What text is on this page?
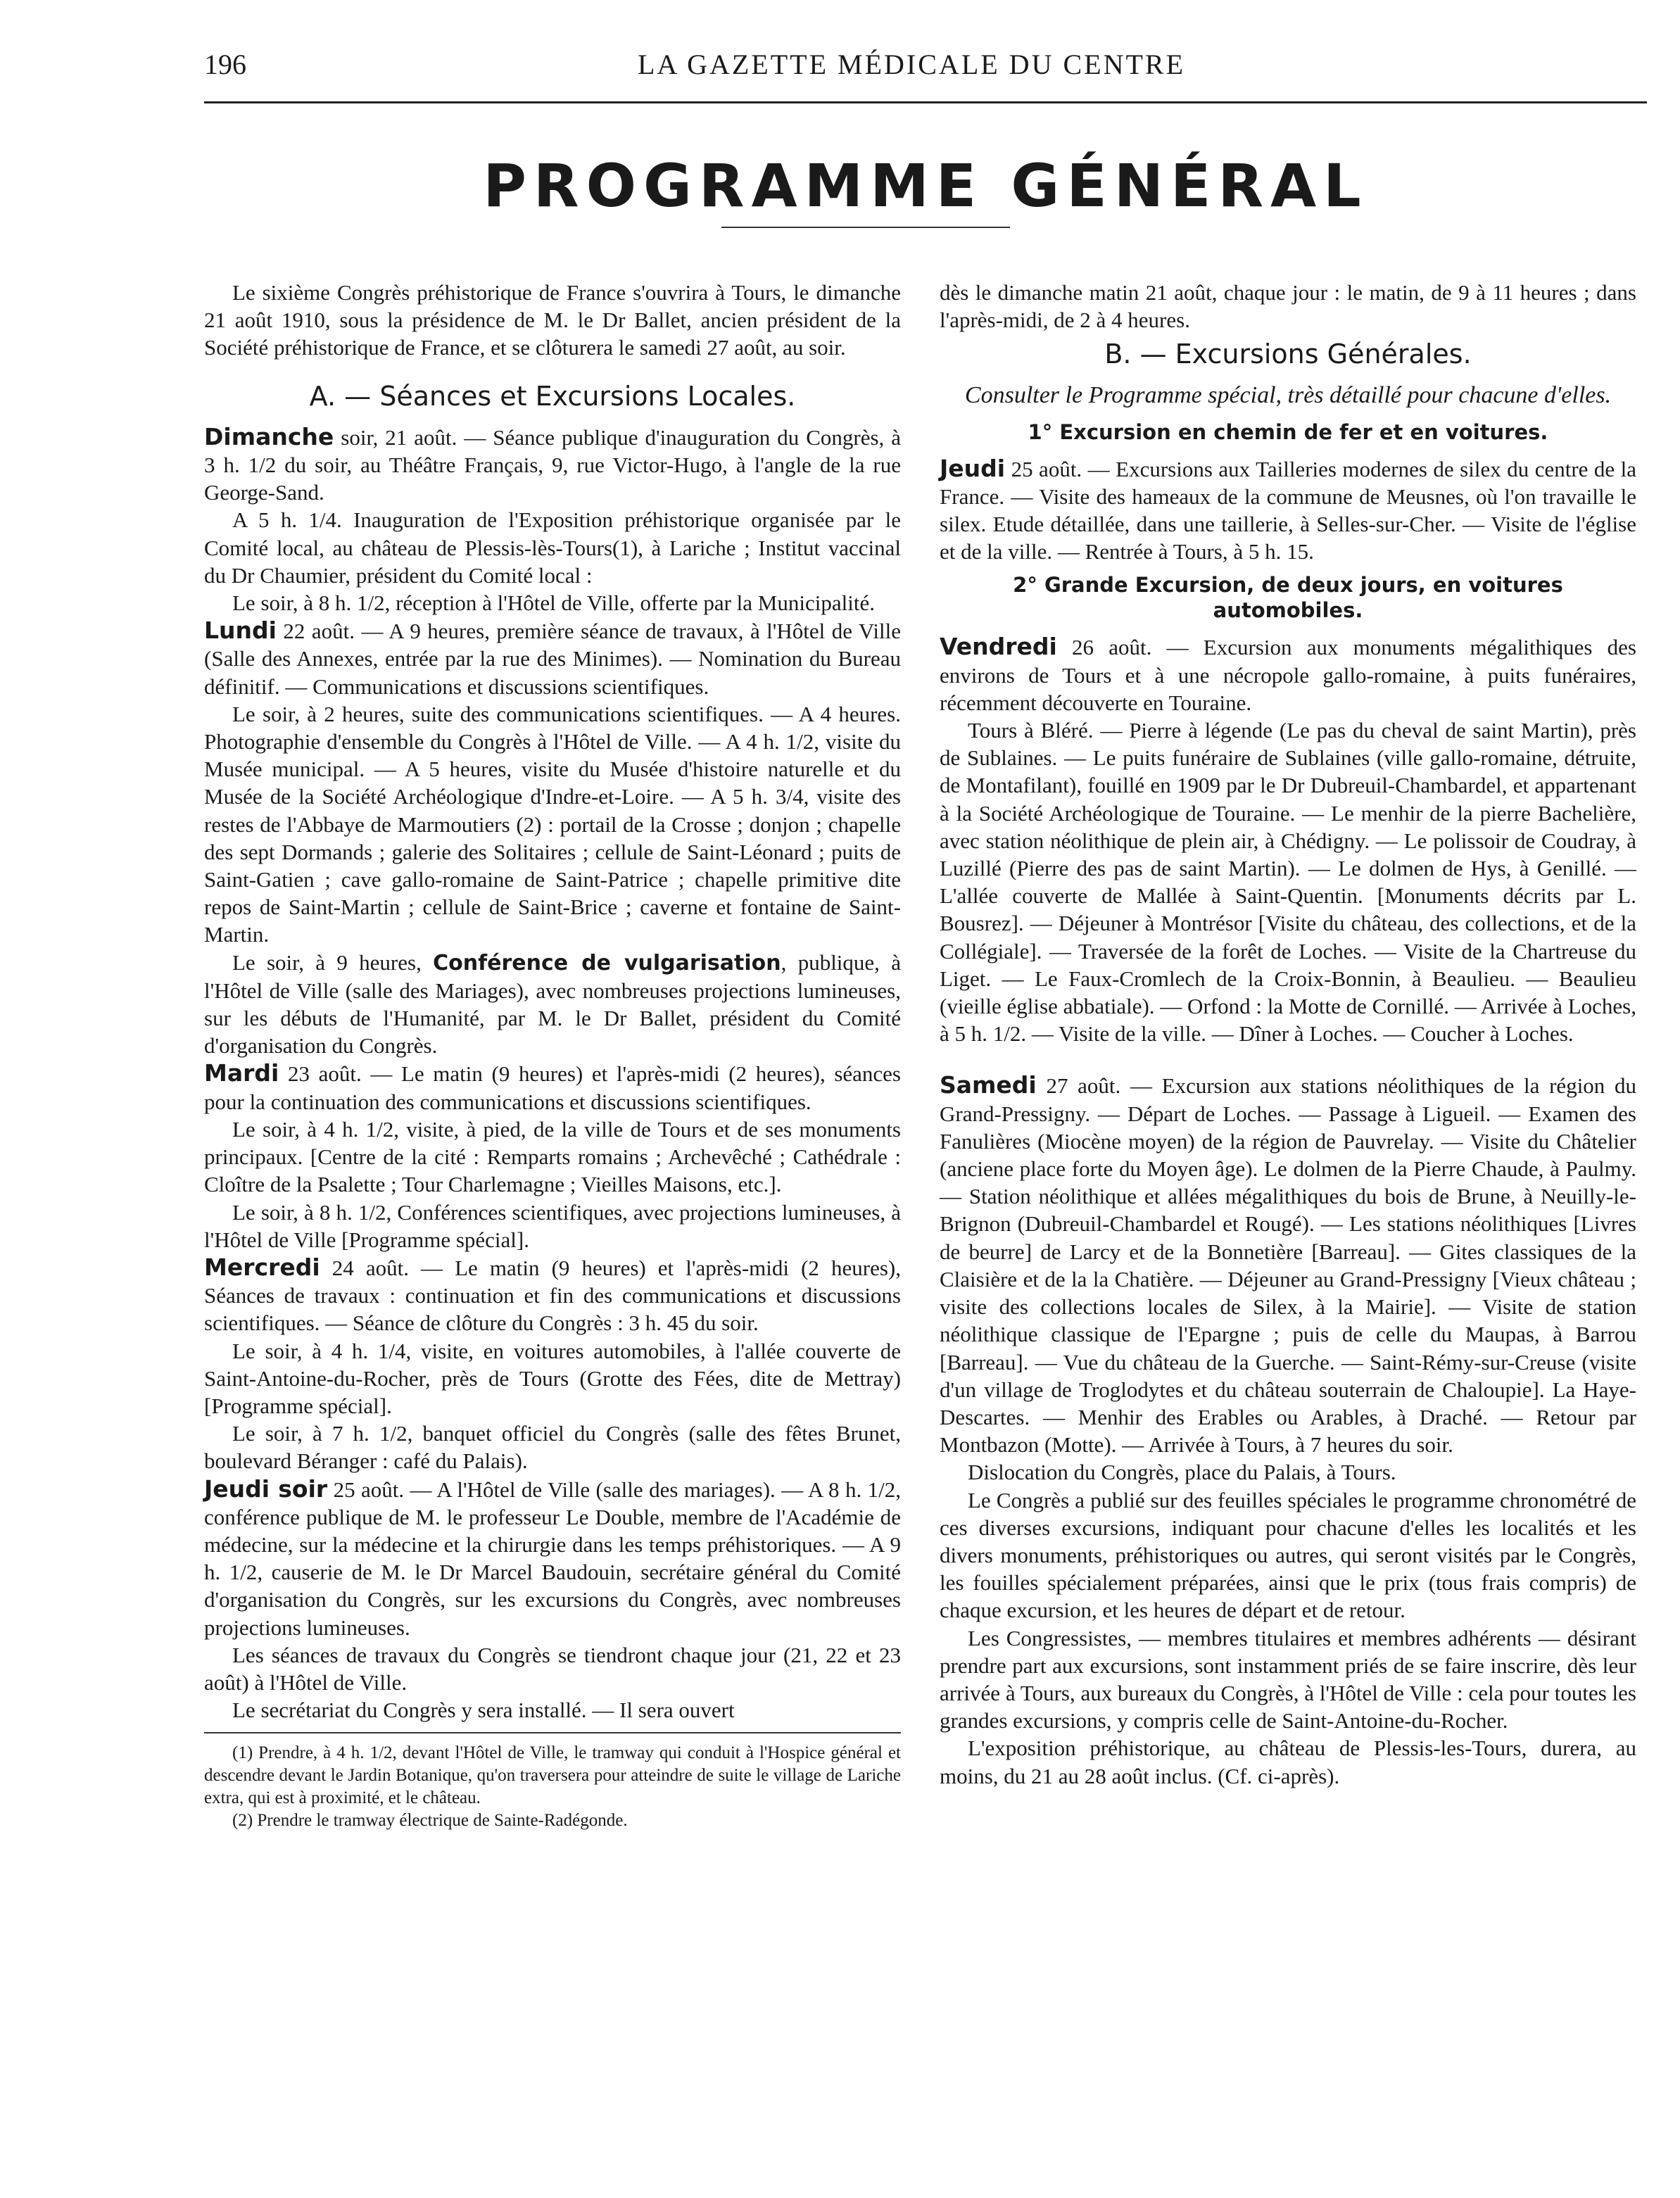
196	LA GAZETTE MÉDICALE DU CENTRE
PROGRAMME GÉNÉRAL

Le sixième Congrès préhistorique de France s'ouvrira à Tours, le dimanche 21 août 1910, sous la présidence de M. le Dr Ballet, ancien président de la Société préhistorique de France, et se clôturera le samedi 27 août, au soir.

A. — Séances et Excursions Locales.

Dimanche soir, 21 août. — Séance publique d'inauguration du Congrès, à 3 h. 1/2 du soir, au Théâtre Français, 9, rue Victor-Hugo, à l'angle de la rue George-Sand.

A 5 h. 1/4. Inauguration de l'Exposition préhistorique organisée par le Comité local, au château de Plessis-lès-Tours(1), à Lariche ; Institut vaccinal du Dr Chaumier, président du Comité local :

Le soir, à 8 h. 1/2, réception à l'Hôtel de Ville, offerte par la Municipalité.

Lundi 22 août. — A 9 heures, première séance de travaux, à l'Hôtel de Ville (Salle des Annexes, entrée par la rue des Minimes). — Nomination du Bureau définitif. — Communications et discussions scientifiques.

Le soir, à 2 heures, suite des communications scientifiques. — A 4 heures. Photographie d'ensemble du Congrès à l'Hôtel de Ville. — A 4 h. 1/2, visite du Musée municipal. — A 5 heures, visite du Musée d'histoire naturelle et du Musée de la Société Archéologique d'Indre-et-Loire. — A 5 h. 3/4, visite des restes de l'Abbaye de Marmoutiers (2) : portail de la Crosse ; donjon ; chapelle des sept Dormands ; galerie des Solitaires ; cellule de Saint-Léonard ; puits de Saint-Gatien ; cave gallo-romaine de Saint-Patrice ; chapelle primitive dite repos de Saint-Martin ; cellule de Saint-Brice ; caverne et fontaine de Saint-Martin.

Le soir, à 9 heures, Conférence de vulgarisation, publique, à l'Hôtel de Ville (salle des Mariages), avec nombreuses projections lumineuses, sur les débuts de l'Humanité, par M. le Dr Ballet, président du Comité d'organisation du Congrès.

Mardi 23 août. — Le matin (9 heures) et l'après-midi (2 heures), séances pour la continuation des communications et discussions scientifiques.

Le soir, à 4 h. 1/2, visite, à pied, de la ville de Tours et de ses monuments principaux. [Centre de la cité : Remparts romains ; Archevêché ; Cathédrale : Cloître de la Psalette ; Tour Charlemagne ; Vieilles Maisons, etc.].

Le soir, à 8 h. 1/2, Conférences scientifiques, avec projections lumineuses, à l'Hôtel de Ville [Programme spécial].

Mercredi 24 août. — Le matin (9 heures) et l'après-midi (2 heures), Séances de travaux : continuation et fin des communications et discussions scientifiques. — Séance de clôture du Congrès : 3 h. 45 du soir.

Le soir, à 4 h. 1/4, visite, en voitures automobiles, à l'allée couverte de Saint-Antoine-du-Rocher, près de Tours (Grotte des Fées, dite de Mettray) [Programme spécial].

Le soir, à 7 h. 1/2, banquet officiel du Congrès (salle des fêtes Brunet, boulevard Béranger : café du Palais).

Jeudi soir 25 août. — A l'Hôtel de Ville (salle des mariages). — A 8 h. 1/2, conférence publique de M. le professeur Le Double, membre de l'Académie de médecine, sur la médecine et la chirurgie dans les temps préhistoriques. — A 9 h. 1/2, causerie de M. le Dr Marcel Baudouin, secrétaire général du Comité d'organisation du Congrès, sur les excursions du Congrès, avec nombreuses projections lumineuses.

Les séances de travaux du Congrès se tiendront chaque jour (21, 22 et 23 août) à l'Hôtel de Ville.

Le secrétariat du Congrès y sera installé. — Il sera ouvert

(1) Prendre, à 4 h. 1/2, devant l'Hôtel de Ville, le tramway qui conduit à l'Hospice général et descendre devant le Jardin Botanique, qu'on traversera pour atteindre de suite le village de Lariche extra, qui est à proximité, et le château.

(2) Prendre le tramway électrique de Sainte-Radégonde.

dès le dimanche matin 21 août, chaque jour : le matin, de 9 à 11 heures ; dans l'après-midi, de 2 à 4 heures.

B. — Excursions Générales.
Consulter le Programme spécial, très détaillé pour chacune d'elles.
1° Excursion en chemin de fer et en voitures.

Jeudi 25 août. — Excursions aux Tailleries modernes de silex du centre de la France. — Visite des hameaux de la commune de Meusnes, où l'on travaille le silex. Etude détaillée, dans une taillerie, à Selles-sur-Cher. — Visite de l'église et de la ville. — Rentrée à Tours, à 5 h. 15.

2° Grande Excursion, de deux jours, en voitures automobiles.

Vendredi 26 août. — Excursion aux monuments mégalithiques des environs de Tours et à une nécropole gallo-romaine, à puits funéraires, récemment découverte en Touraine.

Tours à Bléré. — Pierre à légende (Le pas du cheval de saint Martin), près de Sublaines. — Le puits funéraire de Sublaines (ville gallo-romaine, détruite, de Montafilant), fouillé en 1909 par le Dr Dubreuil-Chambardel, et appartenant à la Société Archéologique de Touraine. — Le menhir de la pierre Bachelière, avec station néolithique de plein air, à Chédigny. — Le polissoir de Coudray, à Luzillé (Pierre des pas de saint Martin). — Le dolmen de Hys, à Genillé. — L'allée couverte de Mallée à Saint-Quentin. [Monuments décrits par L. Bousrez]. — Déjeuner à Montrésor [Visite du château, des collections, et de la Collégiale]. — Traversée de la forêt de Loches. — Visite de la Chartreuse du Liget. — Le Faux-Cromlech de la Croix-Bonnin, à Beaulieu. — Beaulieu (vieille église abbatiale). — Orfond : la Motte de Cornillé. — Arrivée à Loches, à 5 h. 1/2. — Visite de la ville. — Dîner à Loches. — Coucher à Loches.

Samedi 27 août. — Excursion aux stations néolithiques de la région du Grand-Pressigny. — Départ de Loches. — Passage à Ligueil. — Examen des Fanulières (Miocène moyen) de la région de Pauvrelay. — Visite du Châtelier (anciene place forte du Moyen âge). Le dolmen de la Pierre Chaude, à Paulmy. — Station néolithique et allées mégalithiques du bois de Brune, à Neuilly-le-Brignon (Dubreuil-Chambardel et Rougé). — Les stations néolithiques [Livres de beurre] de Larcy et de la Bonnetière [Barreau]. — Gites classiques de la Claisière et de la la Chatière. — Déjeuner au Grand-Pressigny [Vieux château ; visite des collections locales de Silex, à la Mairie]. — Visite de station néolithique classique de l'Epargne ; puis de celle du Maupas, à Barrou [Barreau]. — Vue du château de la Guerche. — Saint-Rémy-sur-Creuse (visite d'un village de Troglodytes et du château souterrain de Chaloupie]. La Haye-Descartes. — Menhir des Erables ou Arables, à Draché. — Retour par Montbazon (Motte). — Arrivée à Tours, à 7 heures du soir.

Dislocation du Congrès, place du Palais, à Tours.

Le Congrès a publié sur des feuilles spéciales le programme chronométré de ces diverses excursions, indiquant pour chacune d'elles les localités et les divers monuments, préhistoriques ou autres, qui seront visités par le Congrès, les fouilles spécialement préparées, ainsi que le prix (tous frais compris) de chaque excursion, et les heures de départ et de retour.

Les Congressistes, — membres titulaires et membres adhérents — désirant prendre part aux excursions, sont instamment priés de se faire inscrire, dès leur arrivée à Tours, aux bureaux du Congrès, à l'Hôtel de Ville : cela pour toutes les grandes excursions, y compris celle de Saint-Antoine-du-Rocher.

L'exposition préhistorique, au château de Plessis-les-Tours, durera, au moins, du 21 au 28 août inclus. (Cf. ci-après).
